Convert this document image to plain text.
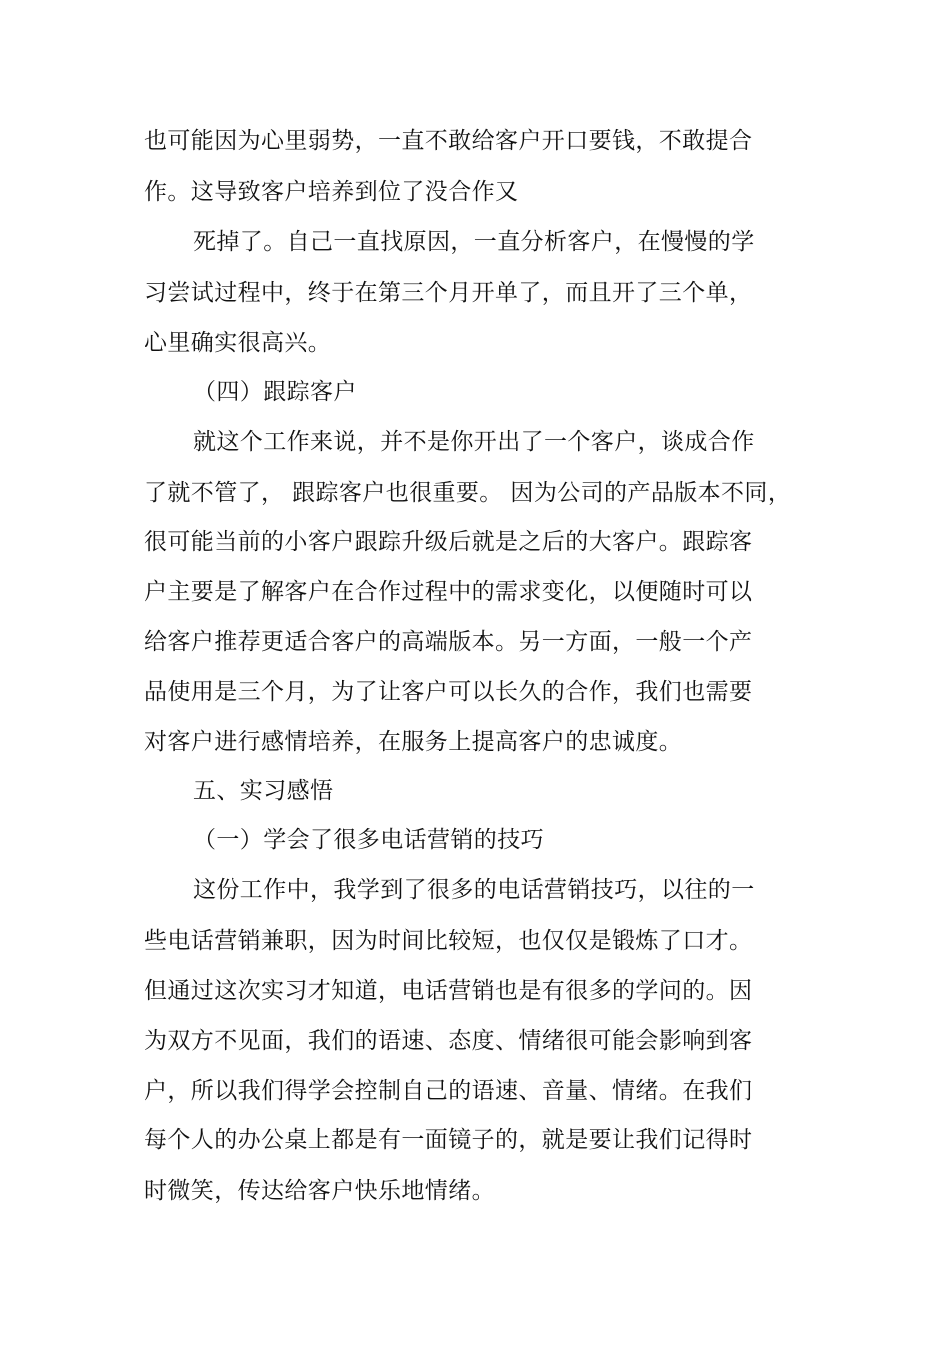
也可能因为心里弱势，一直不敢给客户开口要钱，不敢提合
作。这导致客户培养到位了没合作又
死掉了。自己一直找原因，一直分析客户，在慢慢的学
习尝试过程中，终于在第三个月开单了，而且开了三个单，
心里确实很高兴。
（四）跟踪客户
就这个工作来说，并不是你开出了一个客户，谈成合作
了就不管了， 跟踪客户也很重要。 因为公司的产品版本不同，
很可能当前的小客户跟踪升级后就是之后的大客户。跟踪客
户主要是了解客户在合作过程中的需求变化，以便随时可以
给客户推荐更适合客户的高端版本。另一方面，一般一个产
品使用是三个月，为了让客户可以长久的合作，我们也需要
对客户进行感情培养，在服务上提高客户的忠诚度。
五、实习感悟
（一）学会了很多电话营销的技巧
这份工作中，我学到了很多的电话营销技巧，以往的一
些电话营销兼职，因为时间比较短，也仅仅是锻炼了口才。
但通过这次实习才知道，电话营销也是有很多的学问的。因
为双方不见面，我们的语速、态度、情绪很可能会影响到客
户，所以我们得学会控制自己的语速、音量、情绪。在我们
每个人的办公桌上都是有一面镜子的，就是要让我们记得时
时微笑，传达给客户快乐地情绪。
